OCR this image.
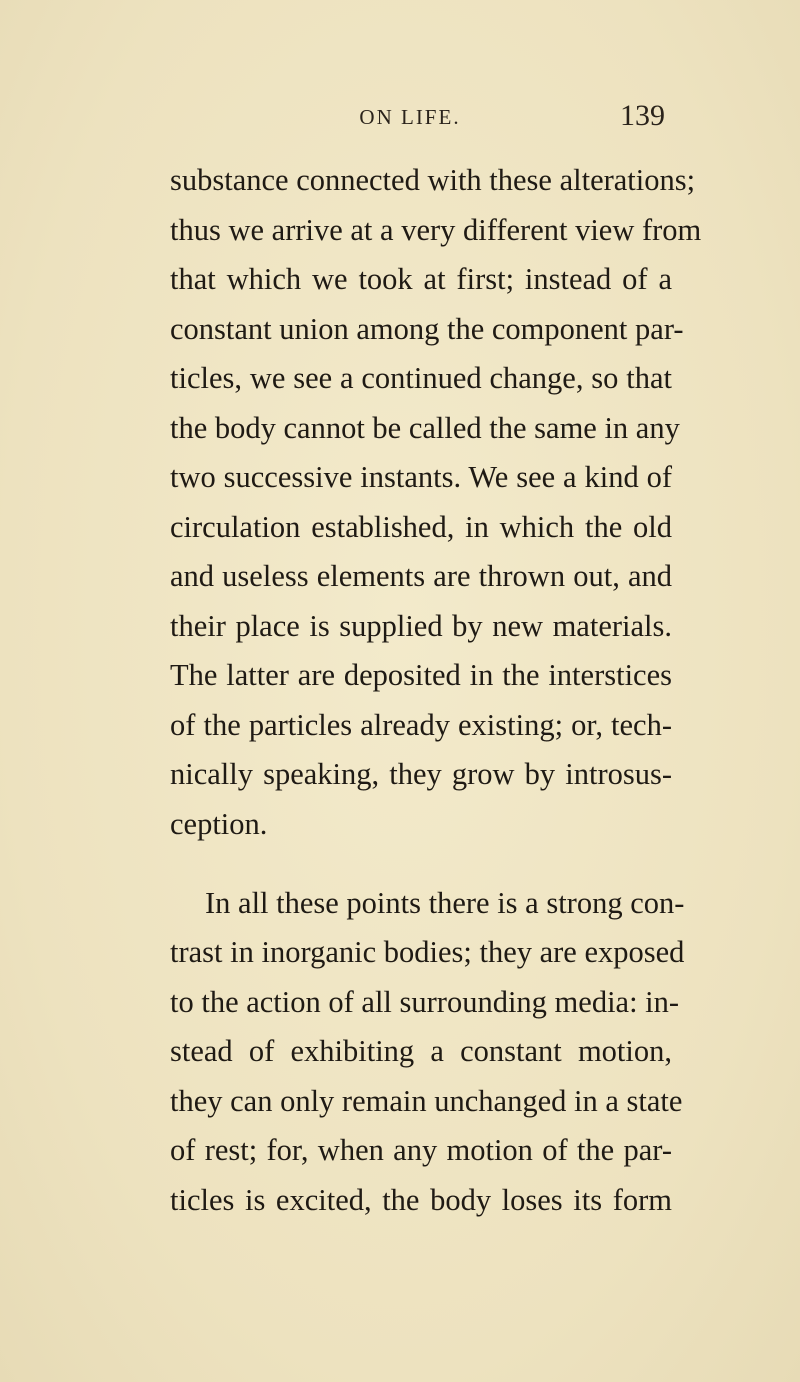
ON LIFE.	139
substance connected with these alterations;
thus we arrive at a very different view from
that which we took at first; instead of a
constant union among the component par-
ticles, we see a continued change, so that
the body cannot be called the same in any
two successive instants. We see a kind of
circulation established, in which the old
and useless elements are thrown out, and
their place is supplied by new materials.
The latter are deposited in the interstices
of the particles already existing; or, tech-
nically speaking, they grow by introsus-
ception.
In all these points there is a strong con-
trast in inorganic bodies; they are exposed
to the action of all surrounding media: in-
stead of exhibiting a constant motion,
they can only remain unchanged in a state
of rest; for, when any motion of the par-
ticles is excited, the body loses its form
